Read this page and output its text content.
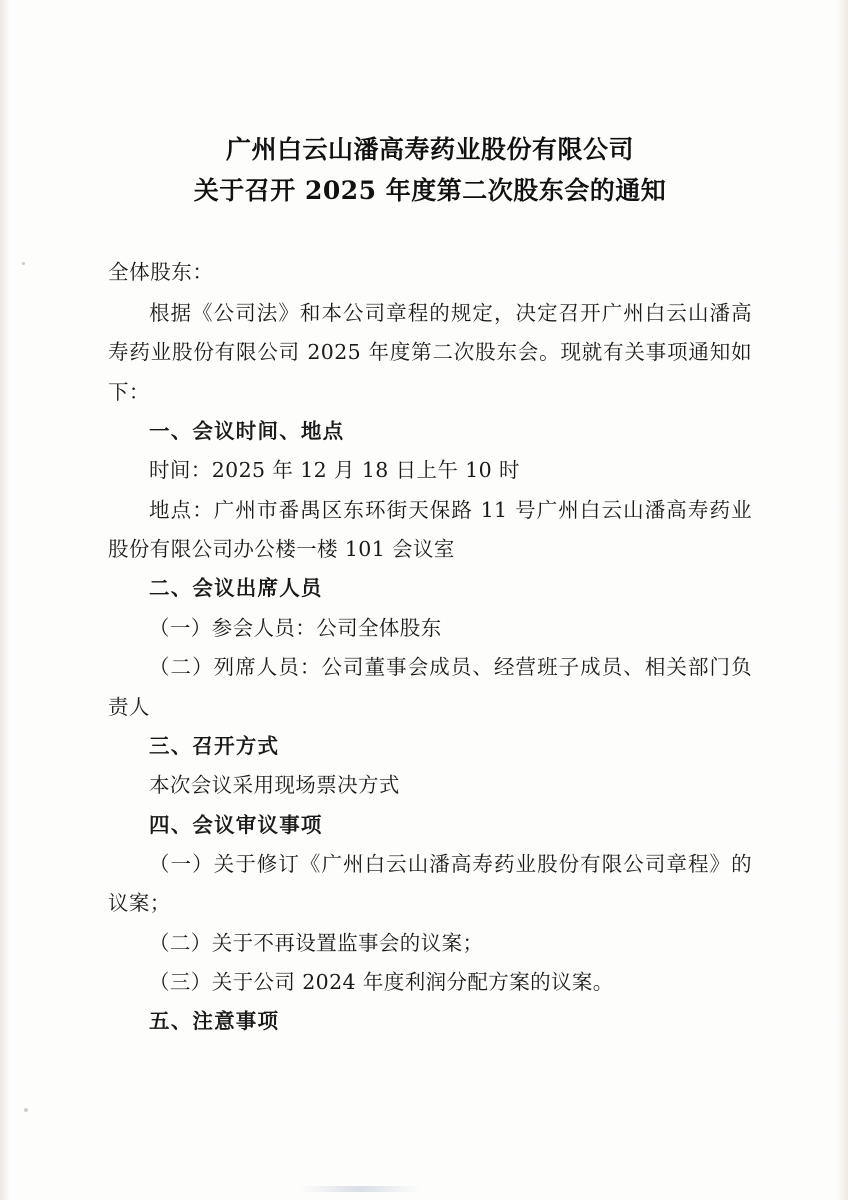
广州白云山潘高寿药业股份有限公司
关于召开 2025 年度第二次股东会的通知

全体股东：

根据《公司法》和本公司章程的规定，决定召开广州白云山潘高寿药业股份有限公司 2025 年度第二次股东会。现就有关事项通知如下：

一、会议时间、地点

时间：2025 年 12 月 18 日上午 10 时

地点：广州市番禺区东环街天保路 11 号广州白云山潘高寿药业股份有限公司办公楼一楼 101 会议室

二、会议出席人员

（一）参会人员：公司全体股东

（二）列席人员：公司董事会成员、经营班子成员、相关部门负责人

三、召开方式

本次会议采用现场票决方式

四、会议审议事项

（一）关于修订《广州白云山潘高寿药业股份有限公司章程》的议案；

（二）关于不再设置监事会的议案；

（三）关于公司 2024 年度利润分配方案的议案。

五、注意事项
